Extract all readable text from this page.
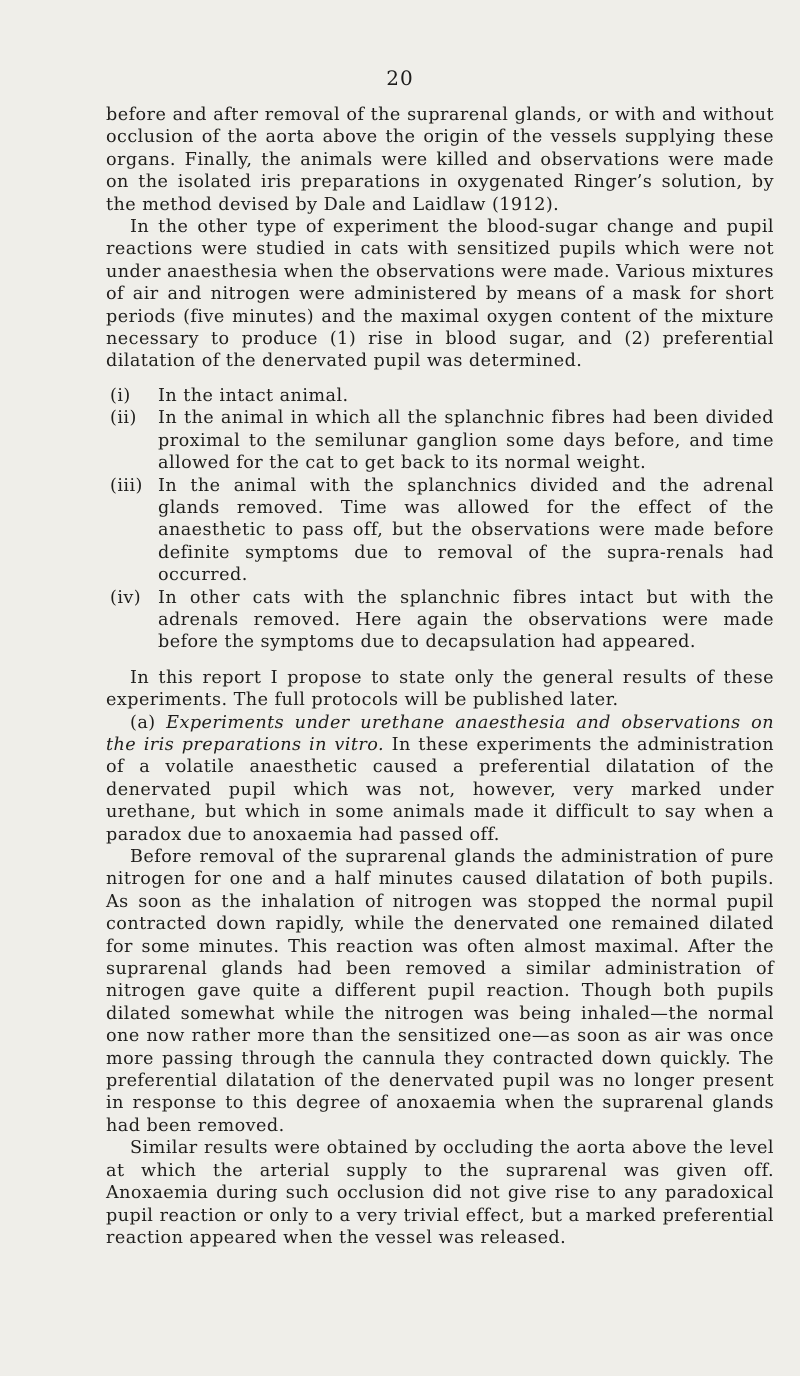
20

before and after removal of the suprarenal glands, or with and without occlusion of the aorta above the origin of the vessels supplying these organs. Finally, the animals were killed and observations were made on the isolated iris preparations in oxygenated Ringer’s solution, by the method devised by Dale and Laidlaw (1912).

In the other type of experiment the blood-sugar change and pupil reactions were studied in cats with sensitized pupils which were not under anaesthesia when the observations were made. Various mixtures of air and nitrogen were administered by means of a mask for short periods (five minutes) and the maximal oxygen content of the mixture necessary to produce (1) rise in blood sugar, and (2) preferential dilatation of the denervated pupil was determined.

(i) In the intact animal.
(ii) In the animal in which all the splanchnic fibres had been divided proximal to the semilunar ganglion some days before, and time allowed for the cat to get back to its normal weight.
(iii) In the animal with the splanchnics divided and the adrenal glands removed. Time was allowed for the effect of the anaesthetic to pass off, but the observations were made before definite symptoms due to removal of the supra-renals had occurred.
(iv) In other cats with the splanchnic fibres intact but with the adrenals removed. Here again the observations were made before the symptoms due to decapsulation had appeared.

In this report I propose to state only the general results of these experiments. The full protocols will be published later.

(a) Experiments under urethane anaesthesia and observations on the iris preparations in vitro. In these experiments the administration of a volatile anaesthetic caused a preferential dilatation of the denervated pupil which was not, however, very marked under urethane, but which in some animals made it difficult to say when a paradox due to anoxaemia had passed off.

Before removal of the suprarenal glands the administration of pure nitrogen for one and a half minutes caused dilatation of both pupils. As soon as the inhalation of nitrogen was stopped the normal pupil contracted down rapidly, while the denervated one remained dilated for some minutes. This reaction was often almost maximal. After the suprarenal glands had been removed a similar administration of nitrogen gave quite a different pupil reaction. Though both pupils dilated somewhat while the nitrogen was being inhaled—the normal one now rather more than the sensitized one—as soon as air was once more passing through the cannula they contracted down quickly. The preferential dilatation of the denervated pupil was no longer present in response to this degree of anoxaemia when the suprarenal glands had been removed.

Similar results were obtained by occluding the aorta above the level at which the arterial supply to the suprarenal was given off. Anoxaemia during such occlusion did not give rise to any paradoxical pupil reaction or only to a very trivial effect, but a marked preferential reaction appeared when the vessel was released.
